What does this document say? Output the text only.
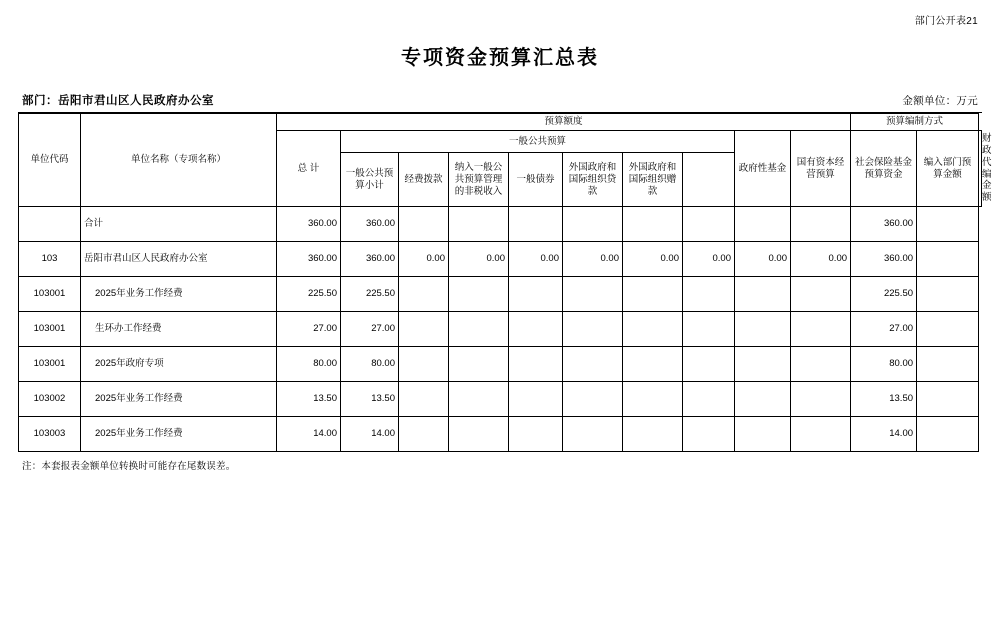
部门公开表21
专项资金预算汇总表
部门：岳阳市君山区人民政府办公室	金额单位：万元
单位代码	单位名称（专项名称）	预算额度										预算编制方式		
		总 计	一般公共预算							政府性基金	国有资本经营预算	社会保险基金预算资金	编入部门预算金额	财政代编金额
			一般公共预算小计	经费拨款	纳入一般公共预算管理的非税收入	一般债券	外国政府和国际组织贷款	外国政府和国际组织赠款						
	合计	360.00	360.00									360.00		
103	岳阳市君山区人民政府办公室	360.00	360.00	0.00	0.00	0.00	0.00	0.00	0.00	0.00	0.00	360.00		
103001	2025年业务工作经费	225.50	225.50									225.50		
103001	生环办工作经费	27.00	27.00									27.00		
103001	2025年政府专项	80.00	80.00									80.00		
103002	2025年业务工作经费	13.50	13.50									13.50		
103003	2025年业务工作经费	14.00	14.00									14.00		
注：本套报表金额单位转换时可能存在尾数误差。
